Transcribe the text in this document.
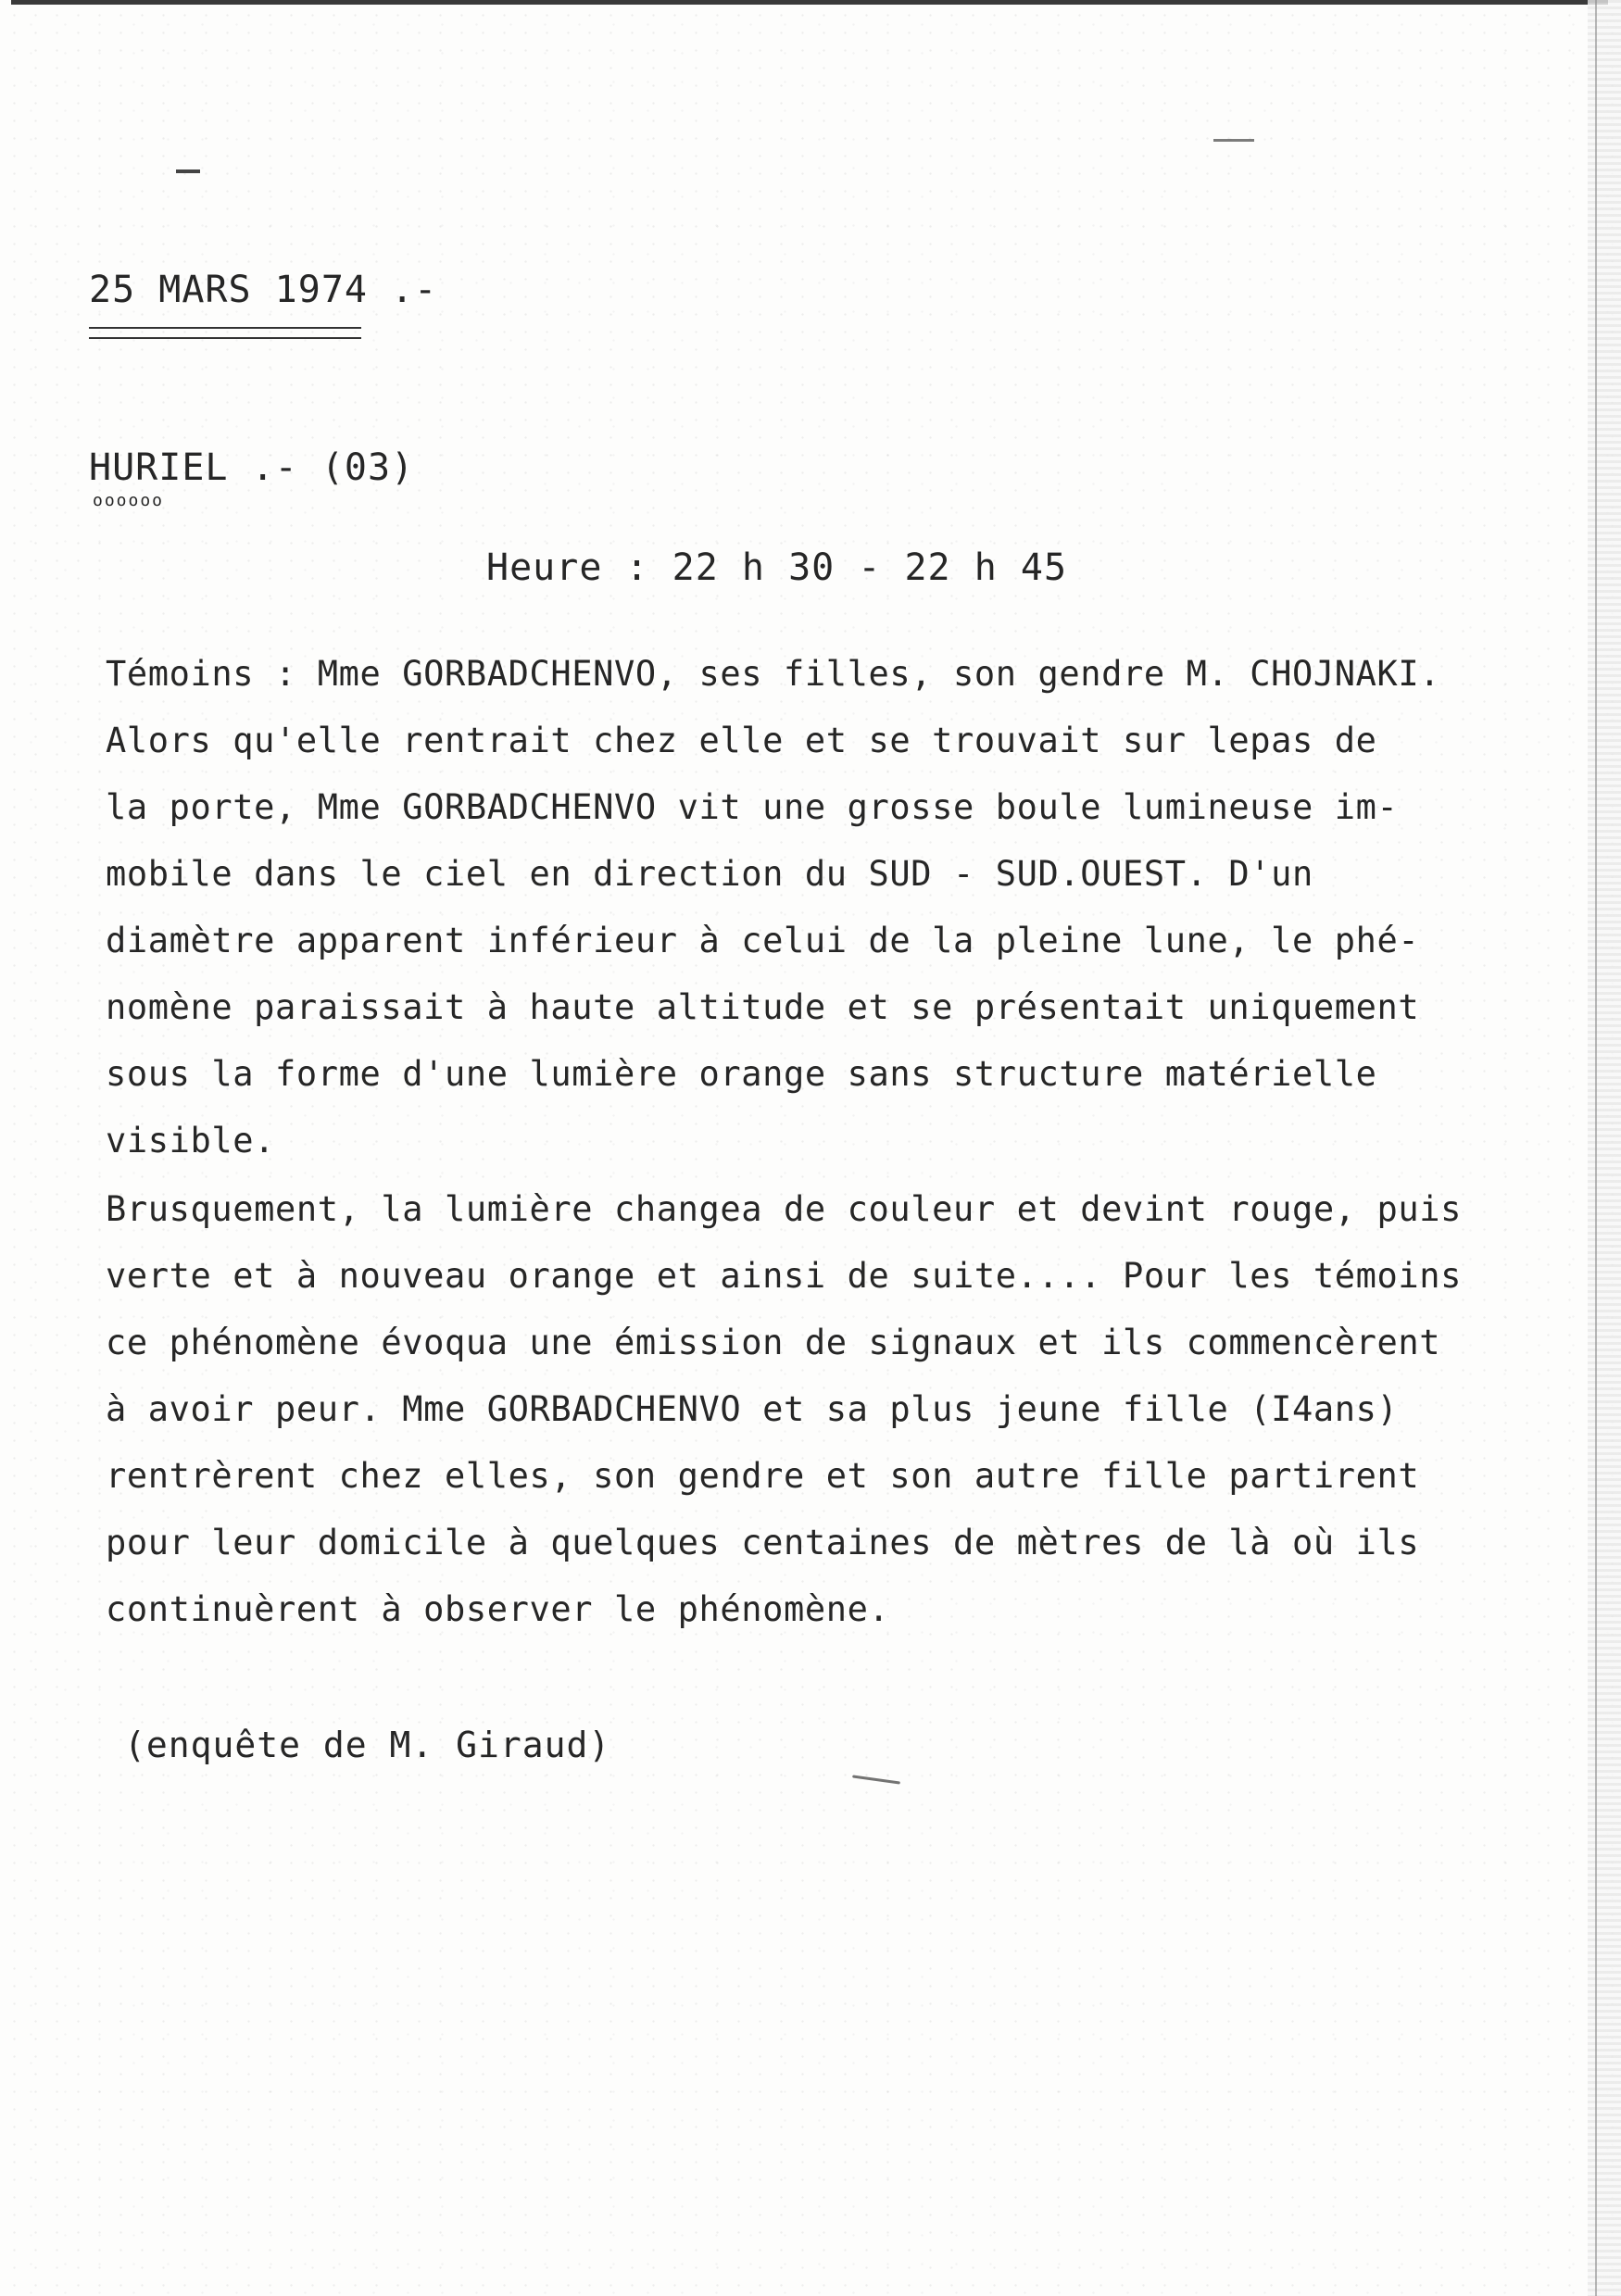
25 MARS 1974 .-
HURIEL .- (03)
oooooo
Heure : 22 h 30 - 22 h 45
Témoins : Mme GORBADCHENVO, ses filles, son gendre M. CHOJNAKI.
Alors qu'elle rentrait chez elle et se trouvait sur lepas de
la porte, Mme GORBADCHENVO vit une grosse boule lumineuse im-
mobile dans le ciel en direction du SUD - SUD.OUEST. D'un
diamètre apparent inférieur à celui de la pleine lune, le phé-
nomène paraissait à haute altitude et se présentait uniquement
sous la forme d'une lumière orange sans structure matérielle
visible.
Brusquement, la lumière changea de couleur et devint rouge, puis
verte et à nouveau orange et ainsi de suite.... Pour les témoins
ce phénomène évoqua une émission de signaux et ils commencèrent
à avoir peur. Mme GORBADCHENVO et sa plus jeune fille (I4ans)
rentrèrent chez elles, son gendre et son autre fille partirent
pour leur domicile à quelques centaines de mètres de là où ils
continuèrent à observer le phénomène.
(enquête de M. Giraud)
